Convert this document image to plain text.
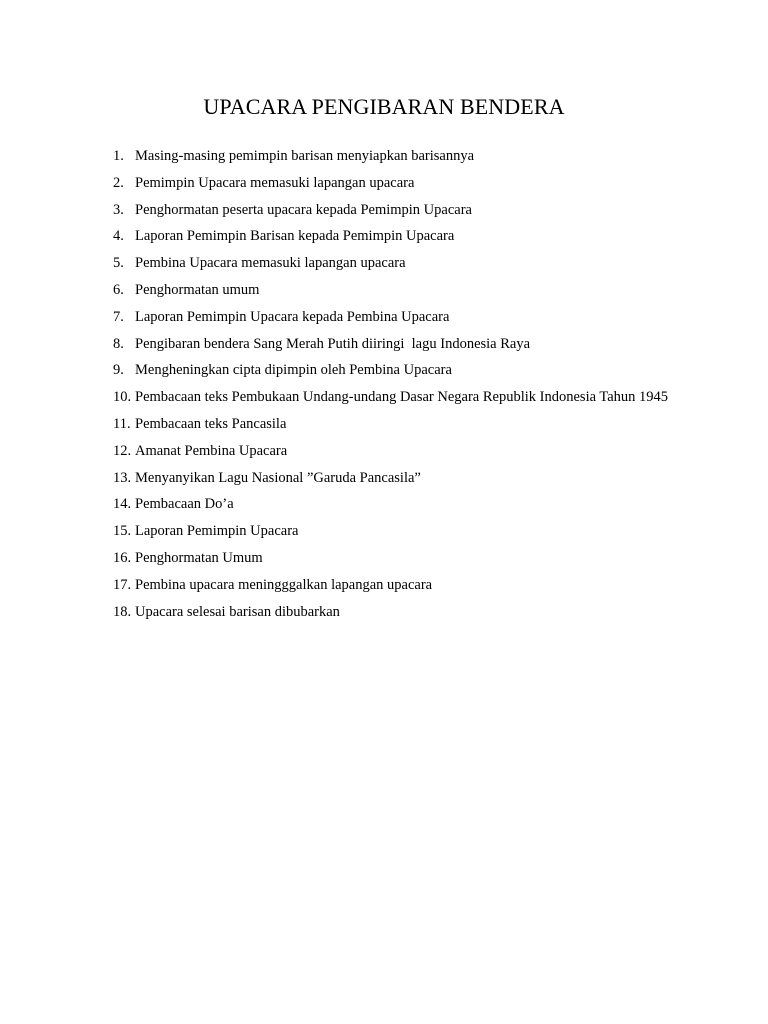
UPACARA PENGIBARAN BENDERA
1. Masing-masing pemimpin barisan menyiapkan barisannya
2. Pemimpin Upacara memasuki lapangan upacara
3. Penghormatan peserta upacara kepada Pemimpin Upacara
4. Laporan Pemimpin Barisan kepada Pemimpin Upacara
5. Pembina Upacara memasuki lapangan upacara
6. Penghormatan umum
7. Laporan Pemimpin Upacara kepada Pembina Upacara
8. Pengibaran bendera Sang Merah Putih diiringi  lagu Indonesia Raya
9. Mengheningkan cipta dipimpin oleh Pembina Upacara
10. Pembacaan teks Pembukaan Undang-undang Dasar Negara Republik Indonesia Tahun 1945
11. Pembacaan teks Pancasila
12. Amanat Pembina Upacara
13. Menyanyikan Lagu Nasional ”Garuda Pancasila”
14. Pembacaan Do’a
15. Laporan Pemimpin Upacara
16. Penghormatan Umum
17. Pembina upacara meningggalkan lapangan upacara
18. Upacara selesai barisan dibubarkan
